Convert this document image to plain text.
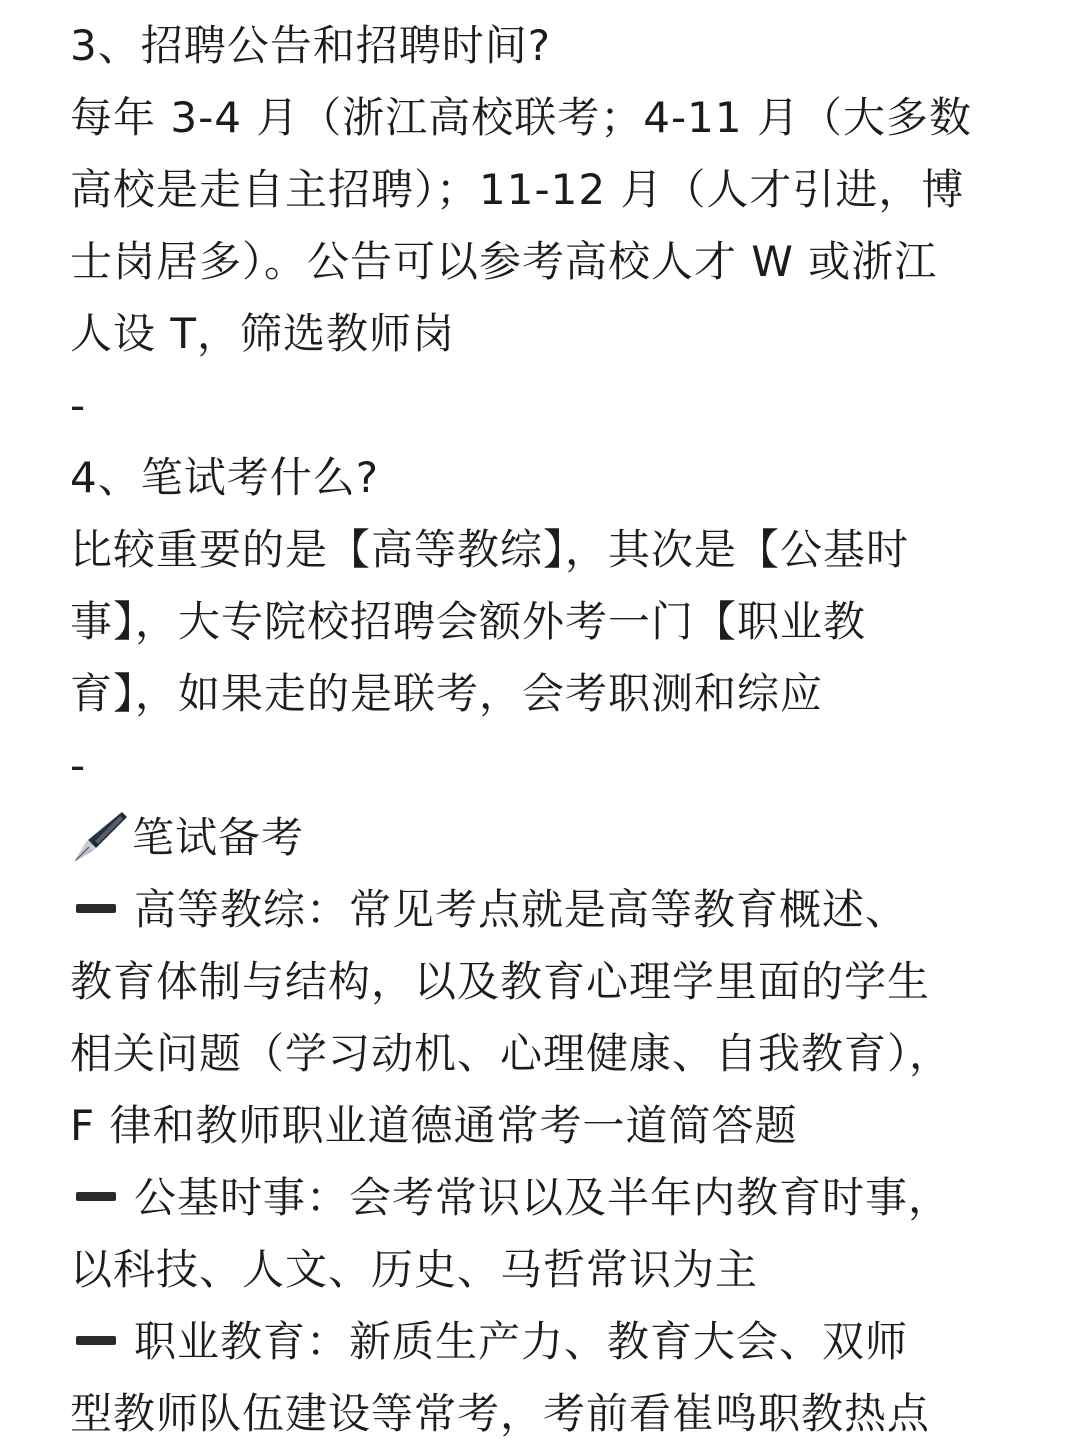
3、招聘公告和招聘时间?
每年 3-4 月（浙江高校联考；4-11 月（大多数
高校是走自主招聘）；11-12 月（人才引进，博
士岗居多）。公告可以参考高校人才 W 或浙江
人设 T，筛选教师岗
-
4、笔试考什么?
比较重要的是【高等教综】，其次是【公基时
事】，大专院校招聘会额外考一门【职业教
育】，如果走的是联考，会考职测和综应
-
笔试备考
高等教综：常见考点就是高等教育概述、
教育体制与结构，以及教育心理学里面的学生
相关问题（学习动机、心理健康、自我教育），
F 律和教师职业道德通常考一道简答题
公基时事：会考常识以及半年内教育时事，
以科技、人文、历史、马哲常识为主
职业教育：新质生产力、教育大会、双师
型教师队伍建设等常考，考前看崔鸣职教热点
